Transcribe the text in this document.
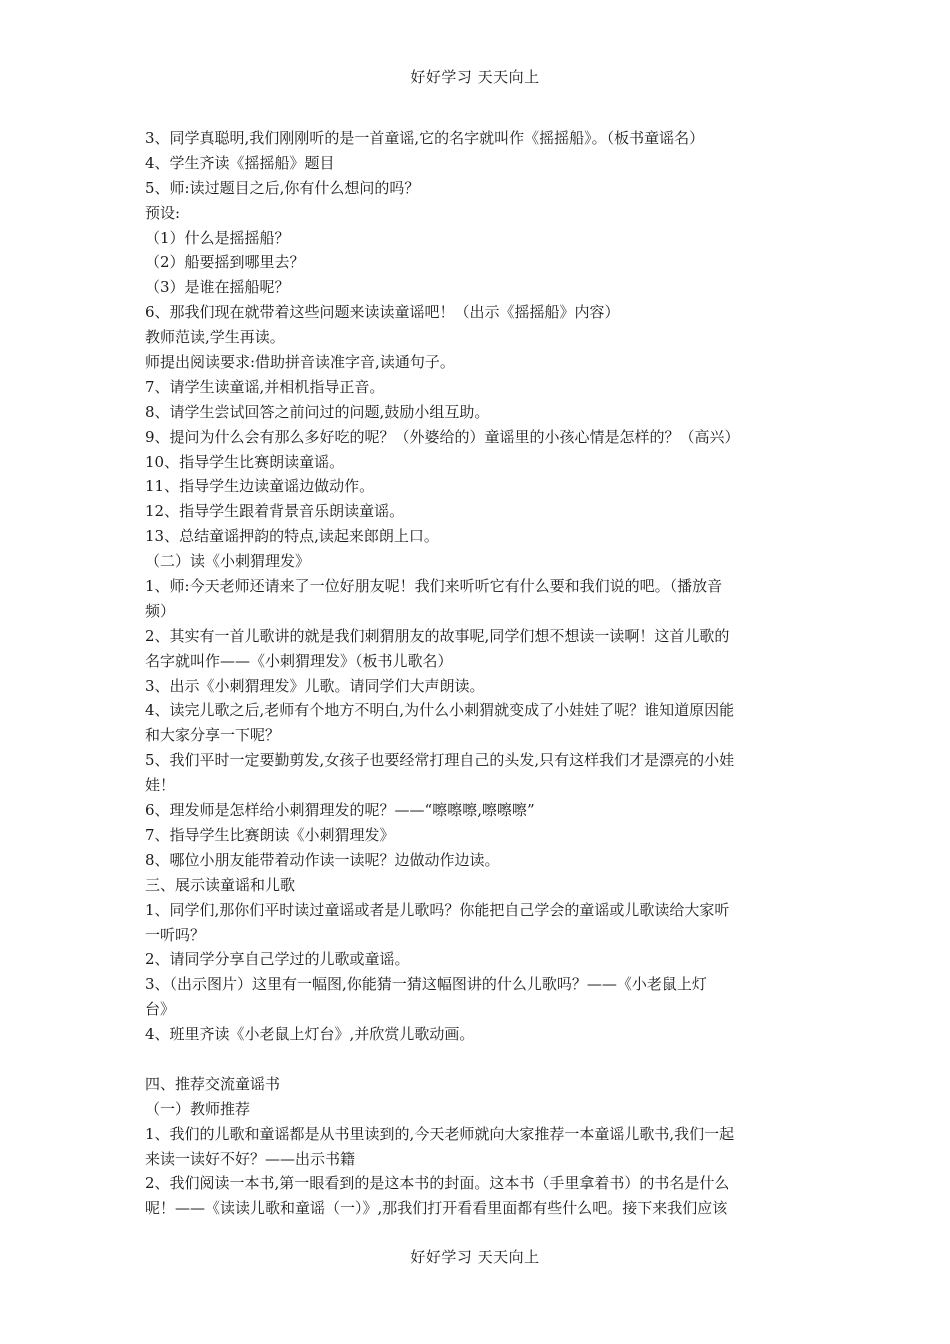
好好学习 天天向上
3、同学真聪明,我们刚刚听的是一首童谣,它的名字就叫作《摇摇船》。（板书童谣名）
4、学生齐读《摇摇船》题目
5、师:读过题目之后,你有什么想问的吗？
预设:
（1）什么是摇摇船？
（2）船要摇到哪里去？
（3）是谁在摇船呢？
6、那我们现在就带着这些问题来读读童谣吧！（出示《摇摇船》内容）
教师范读,学生再读。
师提出阅读要求:借助拼音读准字音,读通句子。
7、请学生读童谣,并相机指导正音。
8、请学生尝试回答之前问过的问题,鼓励小组互助。
9、提问为什么会有那么多好吃的呢？（外婆给的）童谣里的小孩心情是怎样的？（高兴）
10、指导学生比赛朗读童谣。
11、指导学生边读童谣边做动作。
12、指导学生跟着背景音乐朗读童谣。
13、总结童谣押韵的特点,读起来郎朗上口。
（二）读《小刺猬理发》
1、师:今天老师还请来了一位好朋友呢！我们来听听它有什么要和我们说的吧。（播放音
频）
2、其实有一首儿歌讲的就是我们刺猬朋友的故事呢,同学们想不想读一读啊！这首儿歌的
名字就叫作——《小刺猬理发》（板书儿歌名）
3、出示《小刺猬理发》儿歌。请同学们大声朗读。
4、读完儿歌之后,老师有个地方不明白,为什么小刺猬就变成了小娃娃了呢？谁知道原因能
和大家分享一下呢？
5、我们平时一定要勤剪发,女孩子也要经常打理自己的头发,只有这样我们才是漂亮的小娃
娃！
6、理发师是怎样给小刺猬理发的呢？——“嚓嚓嚓,嚓嚓嚓”
7、指导学生比赛朗读《小刺猬理发》
8、哪位小朋友能带着动作读一读呢？边做动作边读。
三、展示读童谣和儿歌
1、同学们,那你们平时读过童谣或者是儿歌吗？你能把自己学会的童谣或儿歌读给大家听
一听吗？
2、请同学分享自己学过的儿歌或童谣。
3、（出示图片）这里有一幅图,你能猜一猜这幅图讲的什么儿歌吗？——《小老鼠上灯
台》
4、班里齐读《小老鼠上灯台》,并欣赏儿歌动画。
四、推荐交流童谣书
（一）教师推荐
1、我们的儿歌和童谣都是从书里读到的,今天老师就向大家推荐一本童谣儿歌书,我们一起
来读一读好不好？——出示书籍
2、我们阅读一本书,第一眼看到的是这本书的封面。这本书（手里拿着书）的书名是什么
呢！——《读读儿歌和童谣（一）》,那我们打开看看里面都有些什么吧。接下来我们应该
好好学习 天天向上
